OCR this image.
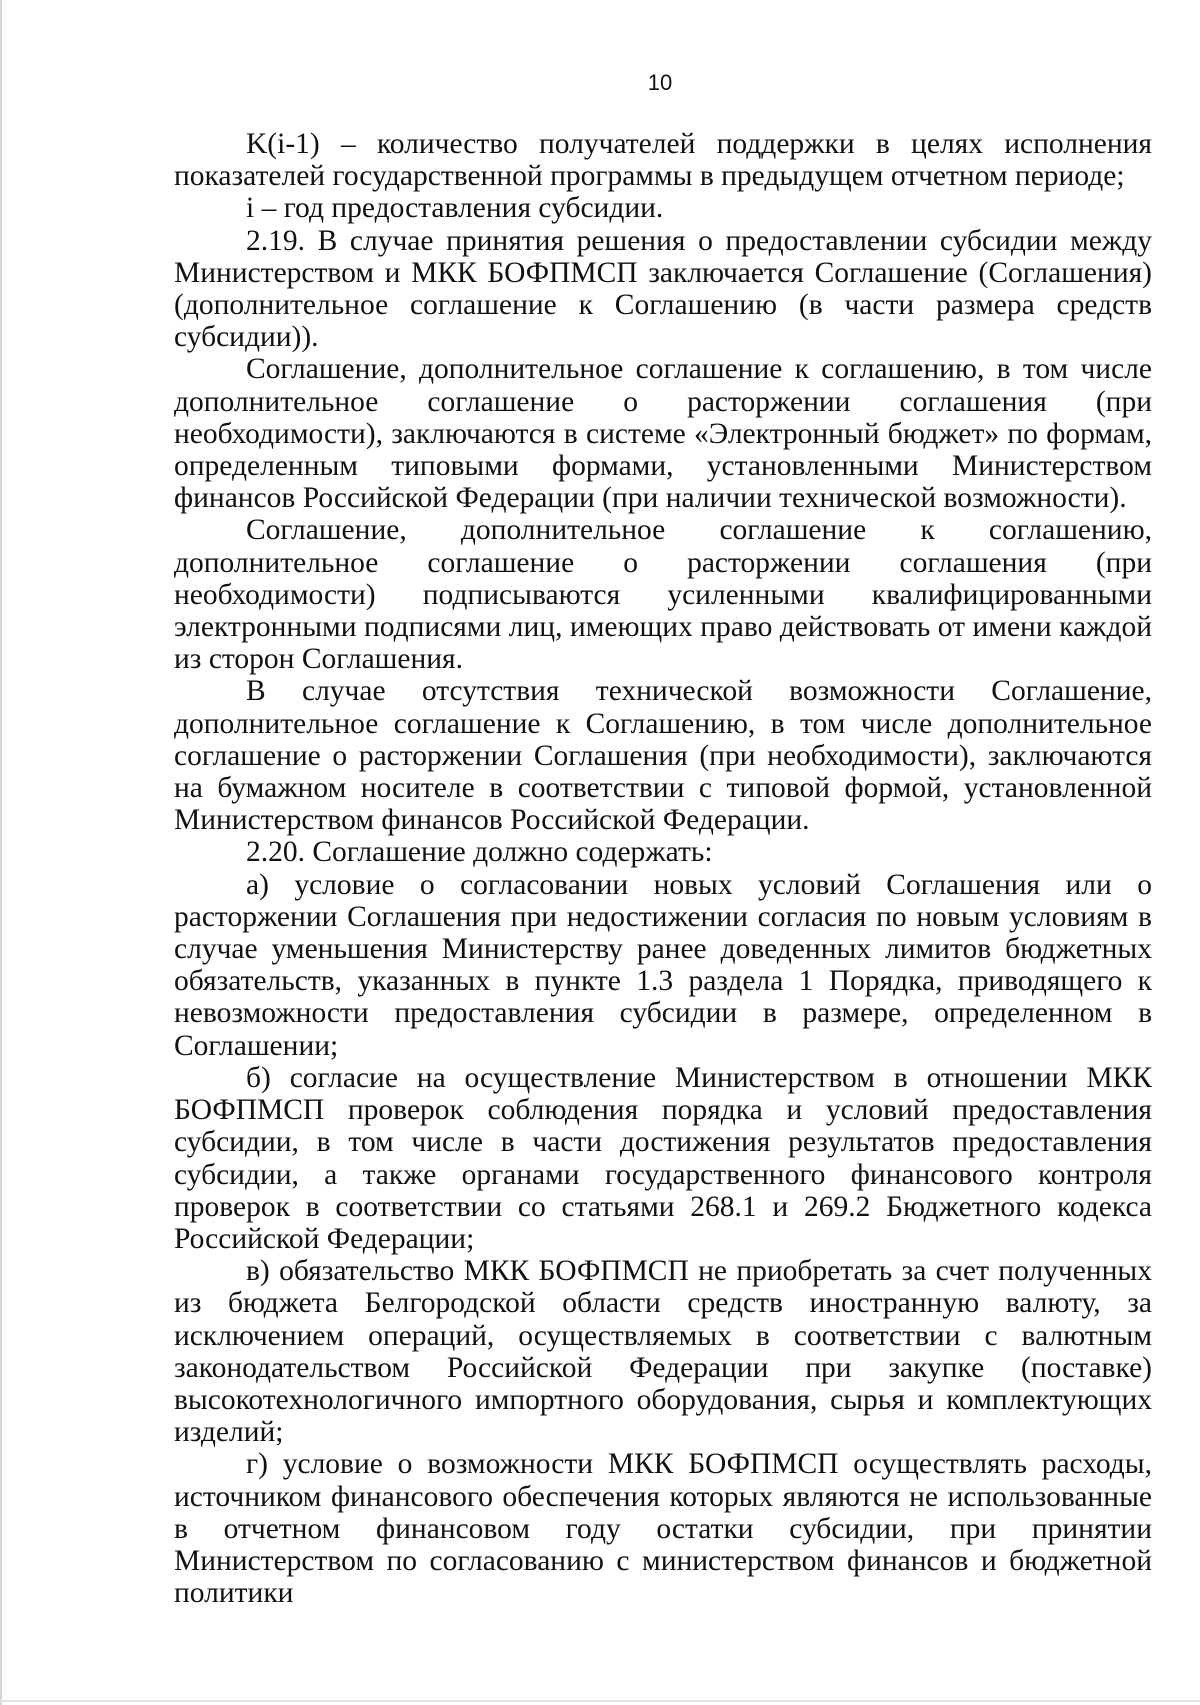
10

K(i-1) – количество получателей поддержки в целях исполнения показателей государственной программы в предыдущем отчетном периоде;

i – год предоставления субсидии.

2.19. В случае принятия решения о предоставлении субсидии между Министерством и МКК БОФПМСП заключается Соглашение (Соглашения) (дополнительное соглашение к Соглашению (в части размера средств субсидии)).

Соглашение, дополнительное соглашение к соглашению, в том числе дополнительное соглашение о расторжении соглашения (при необходимости), заключаются в системе «Электронный бюджет» по формам, определенным типовыми формами, установленными Министерством финансов Российской Федерации (при наличии технической возможности).

Соглашение, дополнительное соглашение к соглашению, дополнительное соглашение о расторжении соглашения (при необходимости) подписываются усиленными квалифицированными электронными подписями лиц, имеющих право действовать от имени каждой из сторон Соглашения.

В случае отсутствия технической возможности Соглашение, дополнительное соглашение к Соглашению, в том числе дополнительное соглашение о расторжении Соглашения (при необходимости), заключаются на бумажном носителе в соответствии с типовой формой, установленной Министерством финансов Российской Федерации.

2.20. Соглашение должно содержать:

а) условие о согласовании новых условий Соглашения или о расторжении Соглашения при недостижении согласия по новым условиям в случае уменьшения Министерству ранее доведенных лимитов бюджетных обязательств, указанных в пункте 1.3 раздела 1 Порядка, приводящего к невозможности предоставления субсидии в размере, определенном в Соглашении;

б) согласие на осуществление Министерством в отношении МКК БОФПМСП проверок соблюдения порядка и условий предоставления субсидии, в том числе в части достижения результатов предоставления субсидии, а также органами государственного финансового контроля проверок в соответствии со статьями 268.1 и 269.2 Бюджетного кодекса Российской Федерации;

в) обязательство МКК БОФПМСП не приобретать за счет полученных из бюджета Белгородской области средств иностранную валюту, за исключением операций, осуществляемых в соответствии с валютным законодательством Российской Федерации при закупке (поставке) высокотехнологичного импортного оборудования, сырья и комплектующих изделий;

г) условие о возможности МКК БОФПМСП осуществлять расходы, источником финансового обеспечения которых являются не использованные в отчетном финансовом году остатки субсидии, при принятии Министерством по согласованию с министерством финансов и бюджетной политики
